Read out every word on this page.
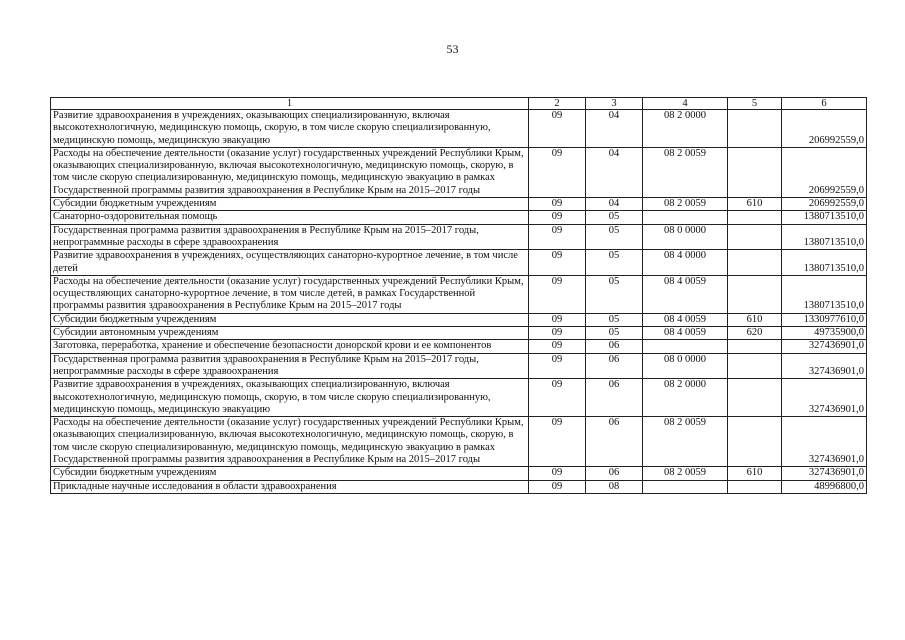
53
1	2	3	4	5	6
Развитие здравоохранения в учреждениях, оказывающих специализированную, включая высокотехнологичную, медицинскую помощь, скорую, в том числе скорую специализированную, медицинскую помощь, медицинскую эвакуацию	09	04	08 2 0000		206992559,0
Расходы на обеспечение деятельности (оказание услуг) государственных учреждений Республики Крым, оказывающих специализированную, включая высокотехнологичную, медицинскую помощь, скорую, в том числе скорую специализированную, медицинскую помощь, медицинскую эвакуацию в рамках Государственной программы развития здравоохранения в Республике Крым на 2015–2017 годы	09	04	08 2 0059		206992559,0
Субсидии бюджетным учреждениям	09	04	08 2 0059	610	206992559,0
Санаторно-оздоровительная помощь	09	05			1380713510,0
Государственная программа развития здравоохранения в Республике Крым на 2015–2017 годы, непрограммные расходы в сфере здравоохранения	09	05	08 0 0000		1380713510,0
Развитие здравоохранения в учреждениях, осуществляющих санаторно-курортное лечение, в том числе детей	09	05	08 4 0000		1380713510,0
Расходы на обеспечение деятельности (оказание услуг) государственных учреждений Республики Крым, осуществляющих санаторно-курортное лечение, в том числе детей, в рамках Государственной программы развития здравоохранения в Республике Крым на 2015–2017 годы	09	05	08 4 0059		1380713510,0
Субсидии бюджетным учреждениям	09	05	08 4 0059	610	1330977610,0
Субсидии автономным учреждениям	09	05	08 4 0059	620	49735900,0
Заготовка, переработка, хранение и обеспечение безопасности донорской крови и ее компонентов	09	06			327436901,0
Государственная программа развития здравоохранения в Республике Крым на 2015–2017 годы, непрограммные расходы в сфере здравоохранения	09	06	08 0 0000		327436901,0
Развитие здравоохранения в учреждениях, оказывающих специализированную, включая высокотехнологичную, медицинскую помощь, скорую, в том числе скорую специализированную, медицинскую помощь, медицинскую эвакуацию	09	06	08 2 0000		327436901,0
Расходы на обеспечение деятельности (оказание услуг) государственных учреждений Республики Крым, оказывающих специализированную, включая высокотехнологичную, медицинскую помощь, скорую, в том числе скорую специализированную, медицинскую помощь, медицинскую эвакуацию в рамках Государственной программы развития здравоохранения в Республике Крым на 2015–2017 годы	09	06	08 2 0059		327436901,0
Субсидии бюджетным учреждениям	09	06	08 2 0059	610	327436901,0
Прикладные научные исследования в области здравоохранения	09	08			48996800,0
